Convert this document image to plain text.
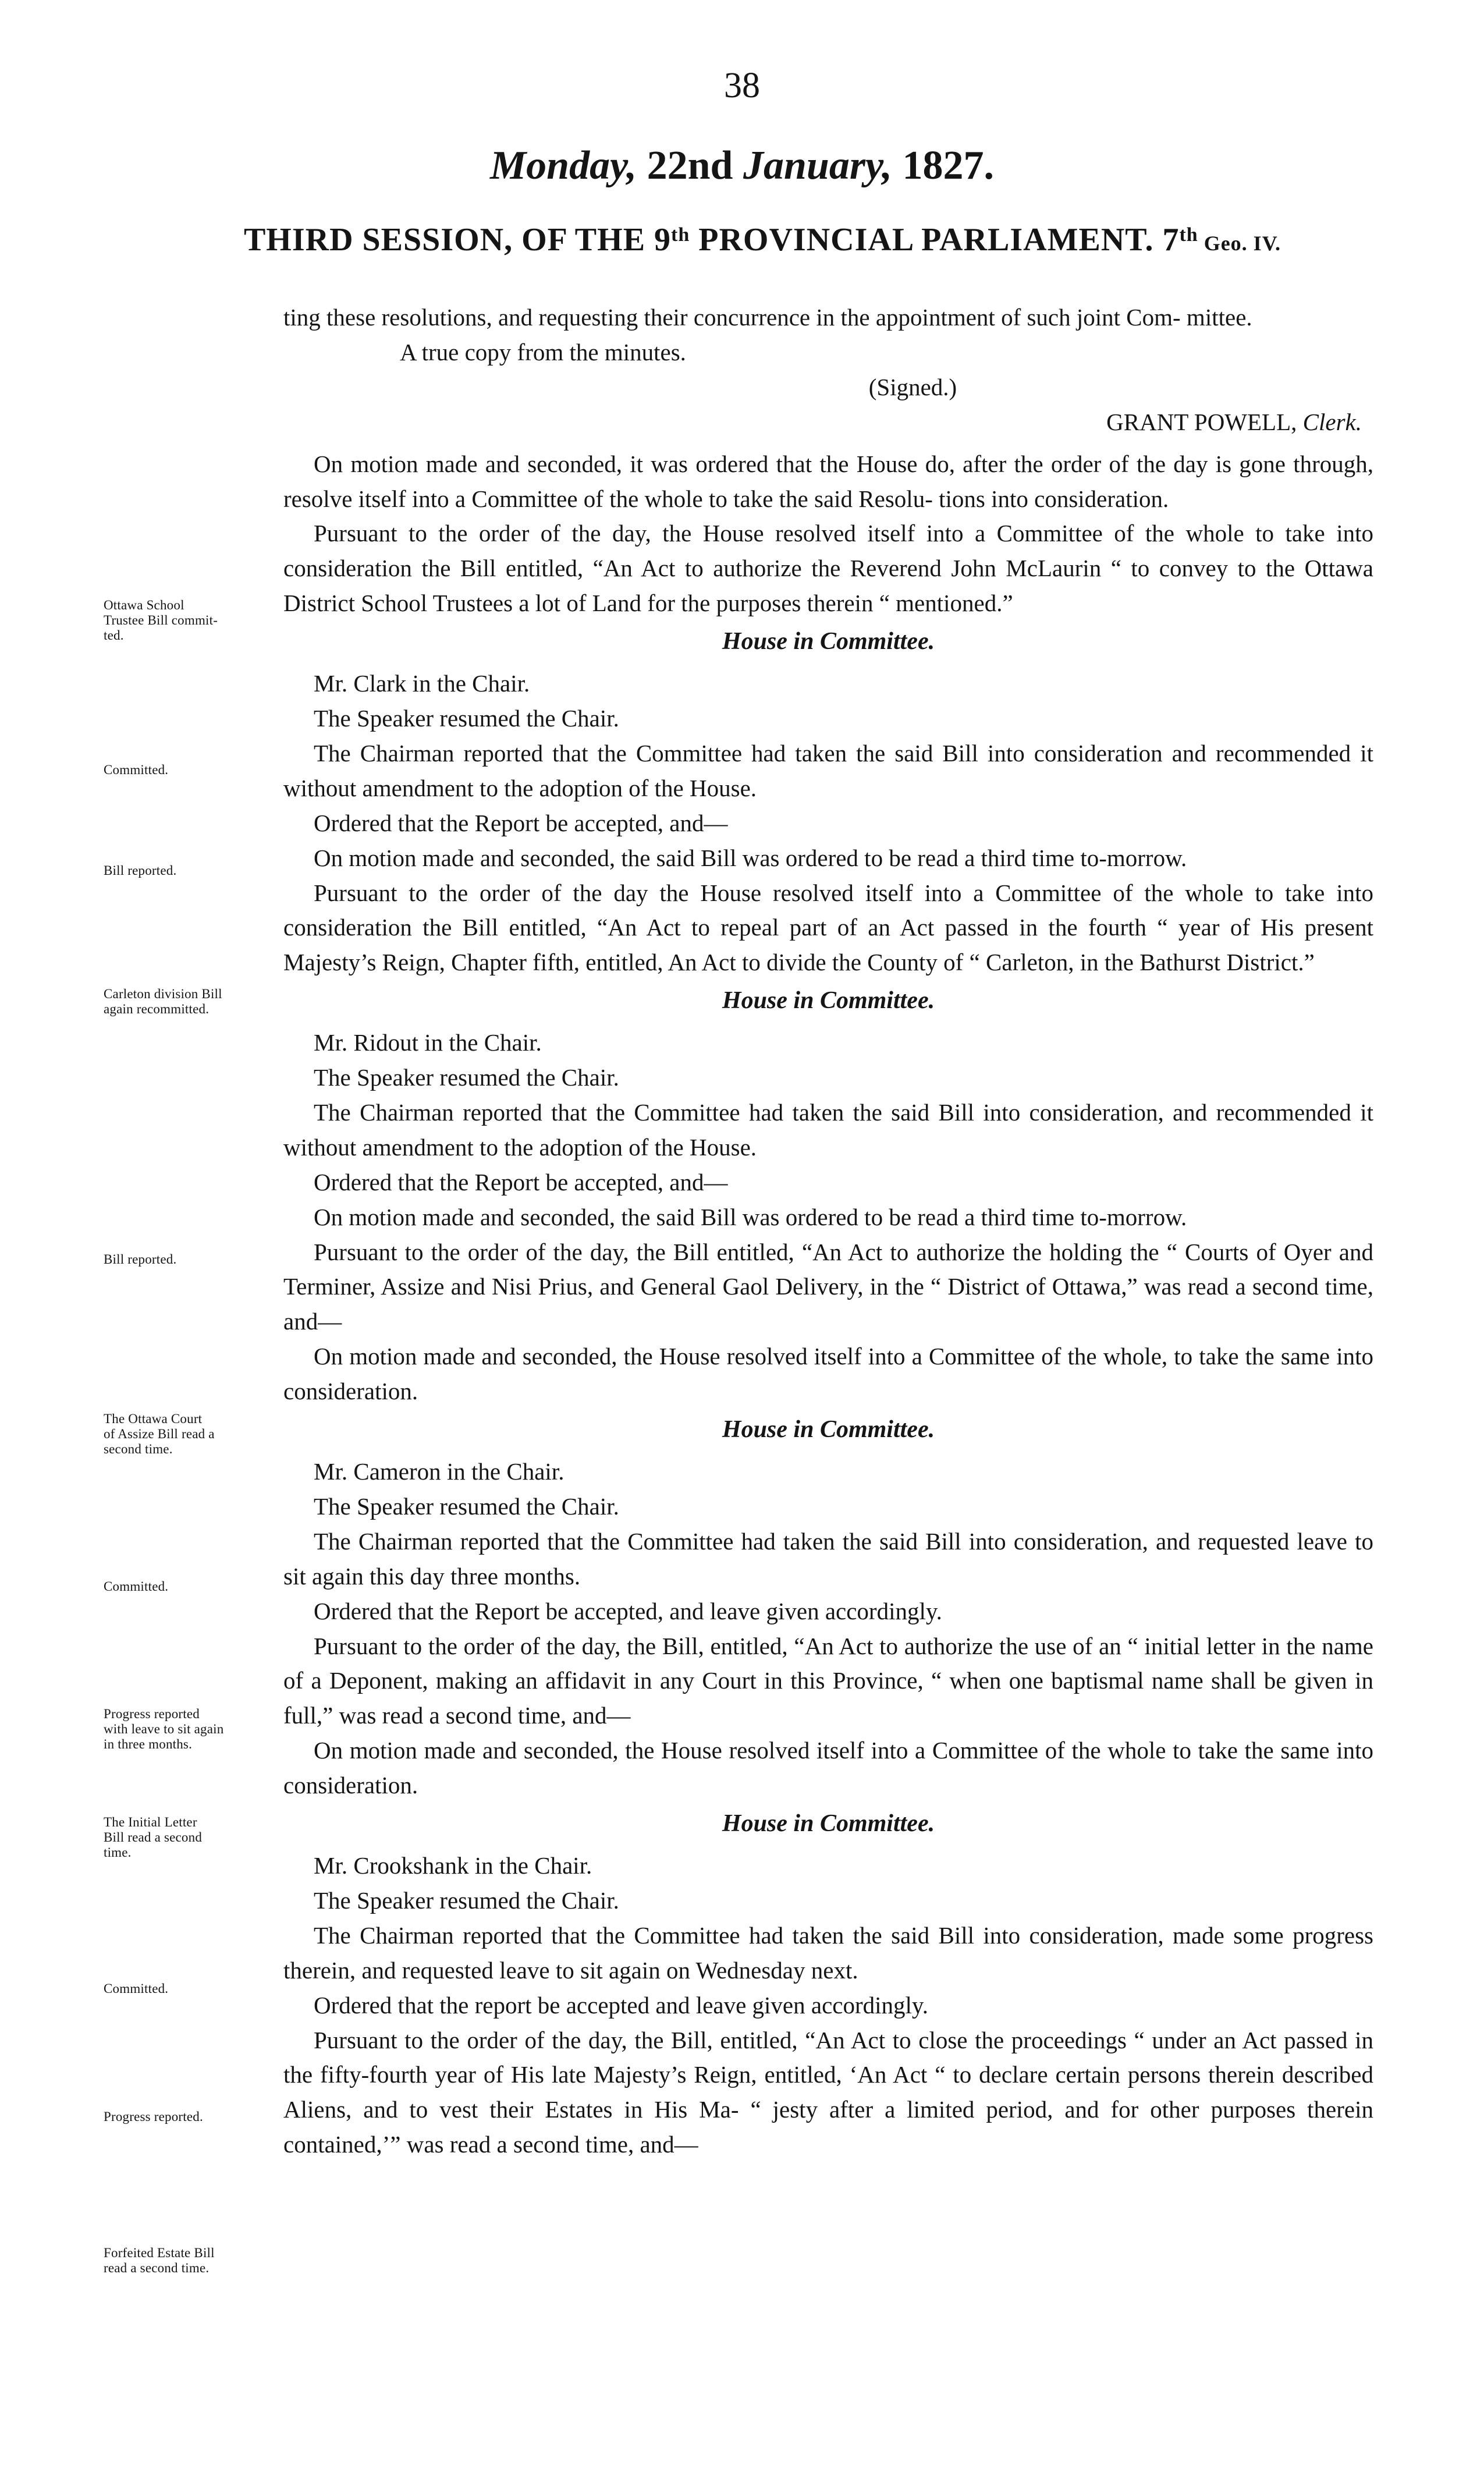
38
Monday, 22nd January, 1827.
THIRD SESSION, OF THE 9th PROVINCIAL PARLIAMENT. 7th Geo. IV.

ting these resolutions, and requesting their concurrence in the appointment of such joint Com- mittee.

A true copy from the minutes.

(Signed.)

GRANT POWELL, Clerk.

On motion made and seconded, it was ordered that the House do, after the order of the day is gone through, resolve itself into a Committee of the whole to take the said Resolu- tions into consideration.

Pursuant to the order of the day, the House resolved itself into a Committee of the whole to take into consideration the Bill entitled, “An Act to authorize the Reverend John McLaurin “ to convey to the Ottawa District School Trustees a lot of Land for the purposes therein “ mentioned.”

House in Committee.

Mr. Clark in the Chair.

The Speaker resumed the Chair.

The Chairman reported that the Committee had taken the said Bill into consideration and recommended it without amendment to the adoption of the House.

Ordered that the Report be accepted, and—

On motion made and seconded, the said Bill was ordered to be read a third time to-morrow.

Pursuant to the order of the day the House resolved itself into a Committee of the whole to take into consideration the Bill entitled, “An Act to repeal part of an Act passed in the fourth “ year of His present Majesty’s Reign, Chapter fifth, entitled, An Act to divide the County of “ Carleton, in the Bathurst District.”

House in Committee.

Mr. Ridout in the Chair.

The Speaker resumed the Chair.

The Chairman reported that the Committee had taken the said Bill into consideration, and recommended it without amendment to the adoption of the House.

Ordered that the Report be accepted, and—

On motion made and seconded, the said Bill was ordered to be read a third time to-morrow.

Pursuant to the order of the day, the Bill entitled, “An Act to authorize the holding the “ Courts of Oyer and Terminer, Assize and Nisi Prius, and General Gaol Delivery, in the “ District of Ottawa,” was read a second time, and—

On motion made and seconded, the House resolved itself into a Committee of the whole, to take the same into consideration.

House in Committee.

Mr. Cameron in the Chair.

The Speaker resumed the Chair.

The Chairman reported that the Committee had taken the said Bill into consideration, and requested leave to sit again this day three months.

Ordered that the Report be accepted, and leave given accordingly.

Pursuant to the order of the day, the Bill, entitled, “An Act to authorize the use of an “ initial letter in the name of a Deponent, making an affidavit in any Court in this Province, “ when one baptismal name shall be given in full,” was read a second time, and—

On motion made and seconded, the House resolved itself into a Committee of the whole to take the same into consideration.

House in Committee.

Mr. Crookshank in the Chair.

The Speaker resumed the Chair.

The Chairman reported that the Committee had taken the said Bill into consideration, made some progress therein, and requested leave to sit again on Wednesday next.

Ordered that the report be accepted and leave given accordingly.

Pursuant to the order of the day, the Bill, entitled, “An Act to close the proceedings “ under an Act passed in the fifty-fourth year of His late Majesty’s Reign, entitled, ‘An Act “ to declare certain persons therein described Aliens, and to vest their Estates in His Ma- “ jesty after a limited period, and for other purposes therein contained,’” was read a second time, and—

Ottawa School
Trustee Bill commit-
ted.
Committed.
Bill reported.
Carleton division Bill
again recommitted.
Bill reported.
The Ottawa Court
of Assize Bill read a
second time.
Committed.
Progress reported
with leave to sit again
in three months.
The Initial Letter
Bill read a second
time.
Committed.
Progress reported.
Forfeited Estate Bill
read a second time.
